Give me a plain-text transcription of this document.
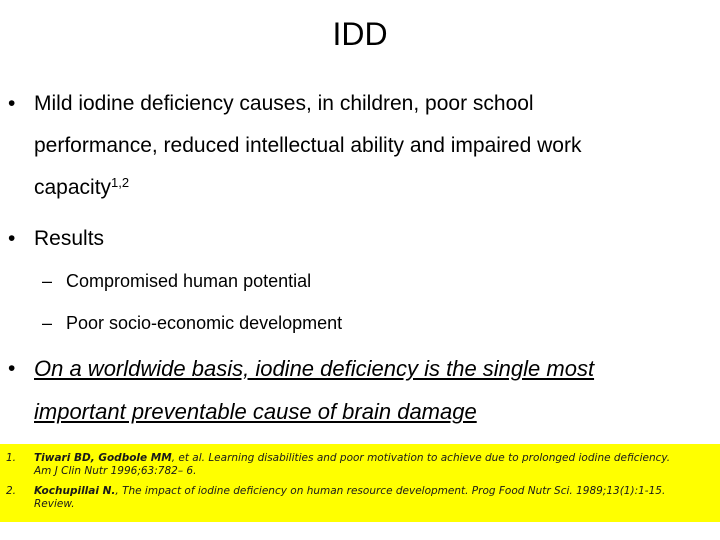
IDD
• Mild iodine deficiency causes, in children, poor school
performance, reduced intellectual ability and impaired work
capacity$^{1,2}$
• Results
– Compromised human potential
– Poor socio-economic development
• On a worldwide basis, iodine deficiency is the single most
important preventable cause of brain damage
1. Tiwari BD, Godbole MM, et al. Learning disabilities and poor motivation to achieve due to prolonged iodine deficiency.
Am J Clin Nutr 1996;63:782– 6.
2. Kochupillai N., The impact of iodine deficiency on human resource development. Prog Food Nutr Sci. 1989;13(1):1-15.
Review.
